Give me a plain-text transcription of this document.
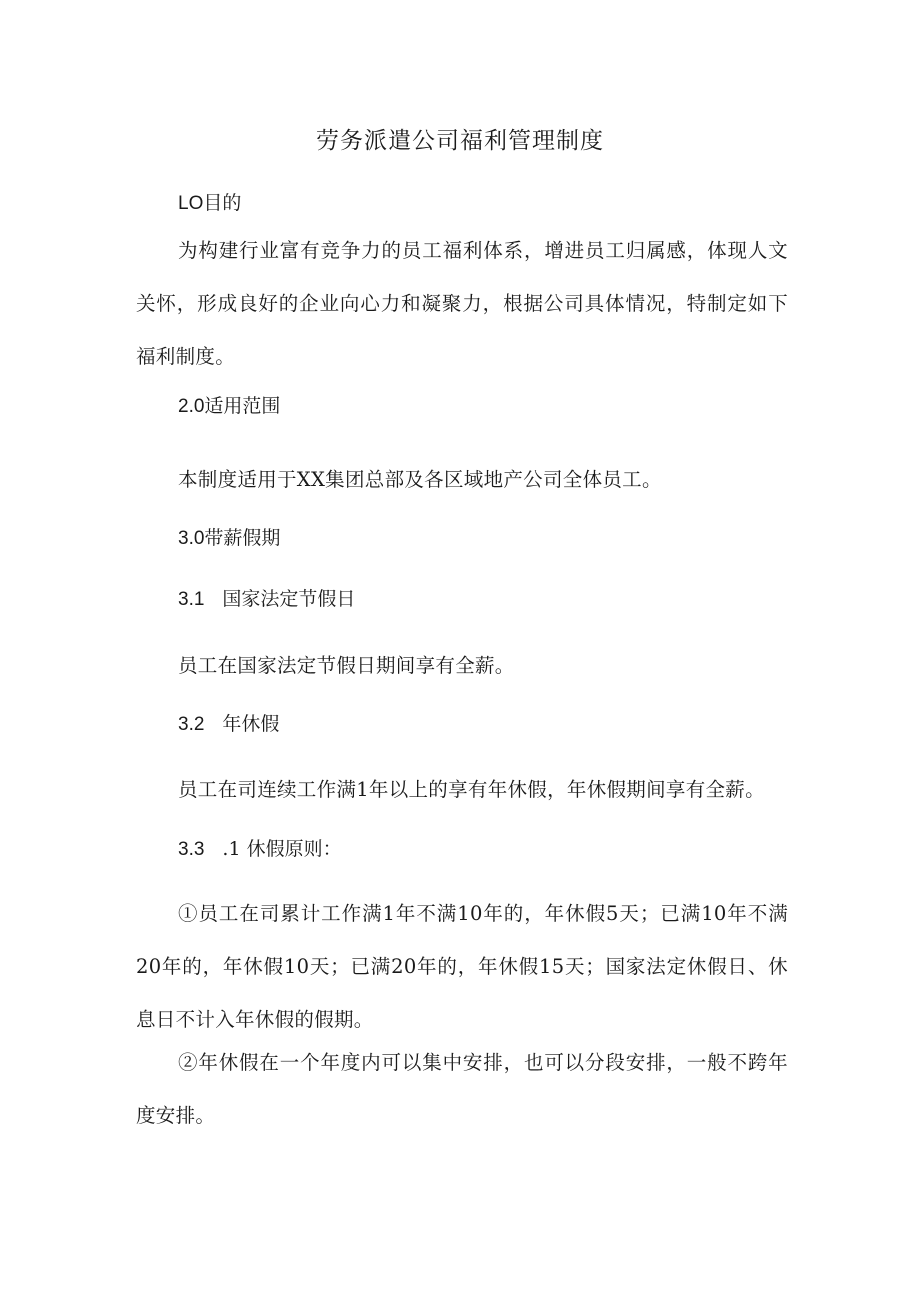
劳务派遣公司福利管理制度
LO目的
为构建行业富有竞争力的员工福利体系，增进员工归属感，体现人文关怀，形成良好的企业向心力和凝聚力，根据公司具体情况，特制定如下福利制度。
2.0适用范围
本制度适用于XX集团总部及各区域地产公司全体员工。
3.0带薪假期
3.1 国家法定节假日
员工在国家法定节假日期间享有全薪。
3.2 年休假
员工在司连续工作满1年以上的享有年休假，年休假期间享有全薪。
3.3 .1 休假原则：
①员工在司累计工作满1年不满10年的，年休假5天；已满10年不满20年的，年休假10天；已满20年的，年休假15天；国家法定休假日、休息日不计入年休假的假期。
②年休假在一个年度内可以集中安排，也可以分段安排，一般不跨年度安排。
